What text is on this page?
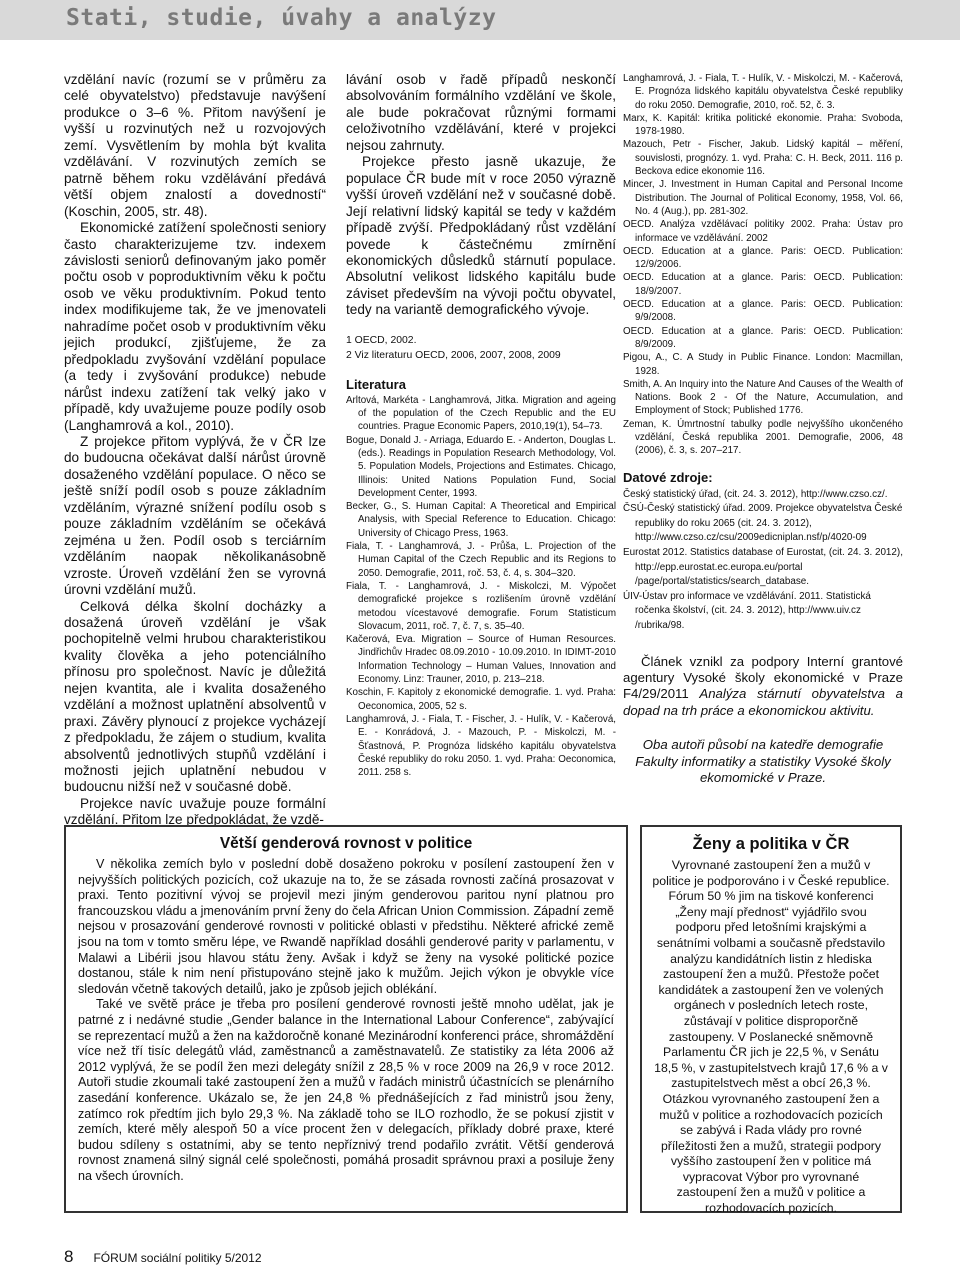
Stati, studie, úvahy a analýzy

vzdělání navíc (rozumí se v průměru za celé obyvatelstvo) představuje navýšení produkce o 3–6 %. Přitom navýšení je vyšší u rozvinutých než u rozvojových zemí. Vysvětlením by mohla být kvalita vzdělávání. V rozvinutých zemích se patrně během roku vzdělávání předává větší objem znalostí a dovedností“ (Koschin, 2005, str. 48).

Ekonomické zatížení společnosti seniory často charakterizujeme tzv. indexem závislosti seniorů definovaným jako poměr počtu osob v poproduktivním věku k počtu osob ve věku produktivním. Pokud tento index modifikujeme tak, že ve jmenovateli nahradíme počet osob v produktivním věku jejich produkcí, zjišťujeme, že za předpokladu zvyšování vzdělání populace (a tedy i zvyšování produkce) nebude nárůst indexu zatížení tak velký jako v případě, kdy uvažujeme pouze podíly osob (Langhamrová a kol., 2010).

Z projekce přitom vyplývá, že v ČR lze do budoucna očekávat další nárůst úrovně dosaženého vzdělání populace. O něco se ještě sníží podíl osob s pouze základním vzděláním, výrazné snížení podílu osob s pouze základním vzděláním se očekává zejména u žen. Podíl osob s terciárním vzděláním naopak několikanásobně vzroste. Úroveň vzdělání žen se vyrovná úrovni vzdělání mužů.

Celková délka školní docházky a dosažená úroveň vzdělání je však pochopitelně velmi hrubou charakteristikou kvality člověka a jeho potenciálního přínosu pro společnost. Navíc je důležitá nejen kvantita, ale i kvalita dosaženého vzdělání a možnost uplatnění absolventů v praxi. Závěry plynoucí z projekce vycházejí z předpokladu, že zájem o studium, kvalita absolventů jednotlivých stupňů vzdělání i možnosti jejich uplatnění nebudou v budoucnu nižší než v současné době.

Projekce navíc uvažuje pouze formální vzdělání. Přitom lze předpokládat, že vzdě-

lávání osob v řadě případů neskončí absolvováním formálního vzdělání ve škole, ale bude pokračovat různými formami celoživotního vzdělávání, které v projekci nejsou zahrnuty.

Projekce přesto jasně ukazuje, že populace ČR bude mít v roce 2050 výrazně vyšší úroveň vzdělání než v současné době. Její relativní lidský kapitál se tedy v každém případě zvýší. Předpokládaný růst vzdělání povede k částečnému zmírnění ekonomických důsledků stárnutí populace. Absolutní velikost lidského kapitálu bude záviset především na vývoji počtu obyvatel, tedy na variantě demografického vývoje.

1 OECD, 2002.

2 Viz literaturu OECD, 2006, 2007, 2008, 2009

Literatura

Arltová, Markéta - Langhamrová, Jitka. Migration and ageing of the population of the Czech Republic and the EU countries. Prague Economic Papers, 2010,19(1), 54–73.

Bogue, Donald J. - Arriaga, Eduardo E. - Anderton, Douglas L. (eds.). Readings in Population Research Methodology, Vol. 5. Population Models, Projections and Estimates. Chicago, Illinois: United Nations Population Fund, Social Development Center, 1993.

Becker, G., S. Human Capital: A Theoretical and Empirical Analysis, with Special Reference to Education. Chicago: University of Chicago Press, 1963.

Fiala, T. - Langhamrová, J. - Průša, L. Projection of the Human Capital of the Czech Republic and its Regions to 2050. Demografie, 2011, roč. 53, č. 4, s. 304–320.

Fiala, T. - Langhamrová, J. - Miskolczi, M. Výpočet demografické projekce s rozlišením úrovně vzdělání metodou vícestavové demografie. Forum Statisticum Slovacum, 2011, roč. 7, č. 7, s. 35–40.

Kačerová, Eva. Migration – Source of Human Resources. Jindřichův Hradec 08.09.2010 - 10.09.2010. In IDIMT-2010 Information Technology – Human Values, Innovation and Economy. Linz: Trauner, 2010, p. 213–218.

Koschin, F. Kapitoly z ekonomické demografie. 1. vyd. Praha: Oeconomica, 2005, 52 s.

Langhamrová, J. - Fiala, T. - Fischer, J. - Hulík, V. - Kačerová, E. - Konrádová, J. - Mazouch, P. - Miskolczi, M. - Šťastnová, P. Prognóza lidského kapitálu obyvatelstva České republiky do roku 2050. 1. vyd. Praha: Oeconomica, 2011. 258 s.

Langhamrová, J. - Fiala, T. - Hulík, V. - Miskolczi, M. - Kačerová, E. Prognóza lidského kapitálu obyvatelstva České republiky do roku 2050. Demografie, 2010, roč. 52, č. 3.

Marx, K. Kapitál: kritika politické ekonomie. Praha: Svoboda, 1978-1980.

Mazouch, Petr - Fischer, Jakub. Lidský kapitál – měření, souvislosti, prognózy. 1. vyd. Praha: C. H. Beck, 2011. 116 p. Beckova edice ekonomie 116.

Mincer, J. Investment in Human Capital and Personal Income Distribution. The Journal of Political Economy, 1958, Vol. 66, No. 4 (Aug.), pp. 281-302.

OECD. Analýza vzdělávací politiky 2002. Praha: Ústav pro informace ve vzdělávání. 2002

OECD. Education at a glance. Paris: OECD. Publication: 12/9/2006.

OECD. Education at a glance. Paris: OECD. Publication: 18/9/2007.

OECD. Education at a glance. Paris: OECD. Publication: 9/9/2008.

OECD. Education at a glance. Paris: OECD. Publication: 8/9/2009.

Pigou, A., C. A Study in Public Finance. London: Macmillan, 1928.

Smith, A. An Inquiry into the Nature And Causes of the Wealth of Nations. Book 2 - Of the Nature, Accumulation, and Employment of Stock; Published 1776.

Zeman, K. Úmrtnostní tabulky podle nejvyššího ukončeného vzdělání, Česká republika 2001. Demografie, 2006, 48 (2006), č. 3, s. 207–217.

Datové zdroje:

Český statistický úřad, (cit. 24. 3. 2012), http://www.czso.cz/.

ČSÚ-Český statistický úřad. 2009. Projekce obyvatelstva České republiky do roku 2065 (cit. 24. 3. 2012), http://www.czso.cz/csu/2009edicniplan.nsf/p/4020-09

Eurostat 2012. Statistics database of Eurostat, (cit. 24. 3. 2012), http://epp.eurostat.ec.europa.eu/portal /page/portal/statistics/search_database.

ÚIV-Ústav pro informace ve vzdělávání. 2011. Statistická ročenka školství, (cit. 24. 3. 2012), http://www.uiv.cz /rubrika/98.

Článek vznikl za podpory Interní grantové agentury Vysoké školy ekonomické v Praze F4/29/2011 Analýza stárnutí obyvatelstva a dopad na trh práce a ekonomickou aktivitu.

Oba autoři působí na katedře demografie Fakulty informatiky a statistiky Vysoké školy ekomomické v Praze.

Větší genderová rovnost v politice

V několika zemích bylo v poslední době dosaženo pokroku v posílení zastoupení žen v nejvyšších politických pozicích, což ukazuje na to, že se zásada rovnosti začíná prosazovat v praxi. Tento pozitivní vývoj se projevil mezi jiným genderovou paritou nyní platnou pro francouzskou vládu a jmenováním první ženy do čela African Union Commission. Západní země nejsou v prosazování genderové rovnosti v politické oblasti v předstihu. Některé africké země jsou na tom v tomto směru lépe, ve Rwandě například dosáhli genderové parity v parlamentu, v Malawi a Libérii jsou hlavou státu ženy. Avšak i když se ženy na vysoké politické pozice dostanou, stále k nim není přistupováno stejně jako k mužům. Jejich výkon je obvykle více sledován včetně takových detailů, jako je způsob jejich oblékání.

Také ve světě práce je třeba pro posílení genderové rovnosti ještě mnoho udělat, jak je patrné z i nedávné studie „Gender balance in the International Labour Conference“, zabývající se reprezentací mužů a žen na každoročně konané Mezinárodní konferenci práce, shromáždění více než tří tisíc delegátů vlád, zaměstnanců a zaměstnavatelů. Ze statistiky za léta 2006 až 2012 vyplývá, že se podíl žen mezi delegáty snížil z 28,5 % v roce 2009 na 26,9 v roce 2012. Autoři studie zkoumali také zastoupení žen a mužů v řadách ministrů účastnících se plenárního zasedání konference. Ukázalo se, že jen 24,8 % přednášejících z řad ministrů jsou ženy, zatímco rok předtím jich bylo 29,3 %. Na základě toho se ILO rozhodlo, že se pokusí zjistit v zemích, které měly alespoň 50 a více procent žen v delegacích, příklady dobré praxe, které budou sdíleny s ostatními, aby se tento nepříznivý trend podařilo zvrátit. Větší genderová rovnost znamená silný signál celé společnosti, pomáhá prosadit správnou praxi a posiluje ženy na všech úrovních.

Ženy a politika v ČR

Vyrovnané zastoupení žen a mužů v politice je podporováno i v České republice. Fórum 50 % jim na tiskové konferenci „Ženy mají přednost“ vyjádřilo svou podporu před letošními krajskými a senátními volbami a současně představilo analýzu kandidátních listin z hlediska zastoupení žen a mužů. Přestože počet kandidátek a zastoupení žen ve volených orgánech v posledních letech roste, zůstávají v politice disproporčně zastoupeny. V Poslanecké sněmovně Parlamentu ČR jich je 22,5 %, v Senátu 18,5 %, v zastupitelstvech krajů 17,6 % a v zastupitelstvech měst a obcí 26,3 %. Otázkou vyrovnaného zastoupení žen a mužů v politice a rozhodovacích pozicích se zabývá i Rada vlády pro rovné příležitosti žen a mužů, strategii podpory vyššího zastoupení žen v politice má vypracovat Výbor pro vyrovnané zastoupení žen a mužů v politice a rozhodovacích pozicích.

8 FÓRUM sociální politiky 5/2012
